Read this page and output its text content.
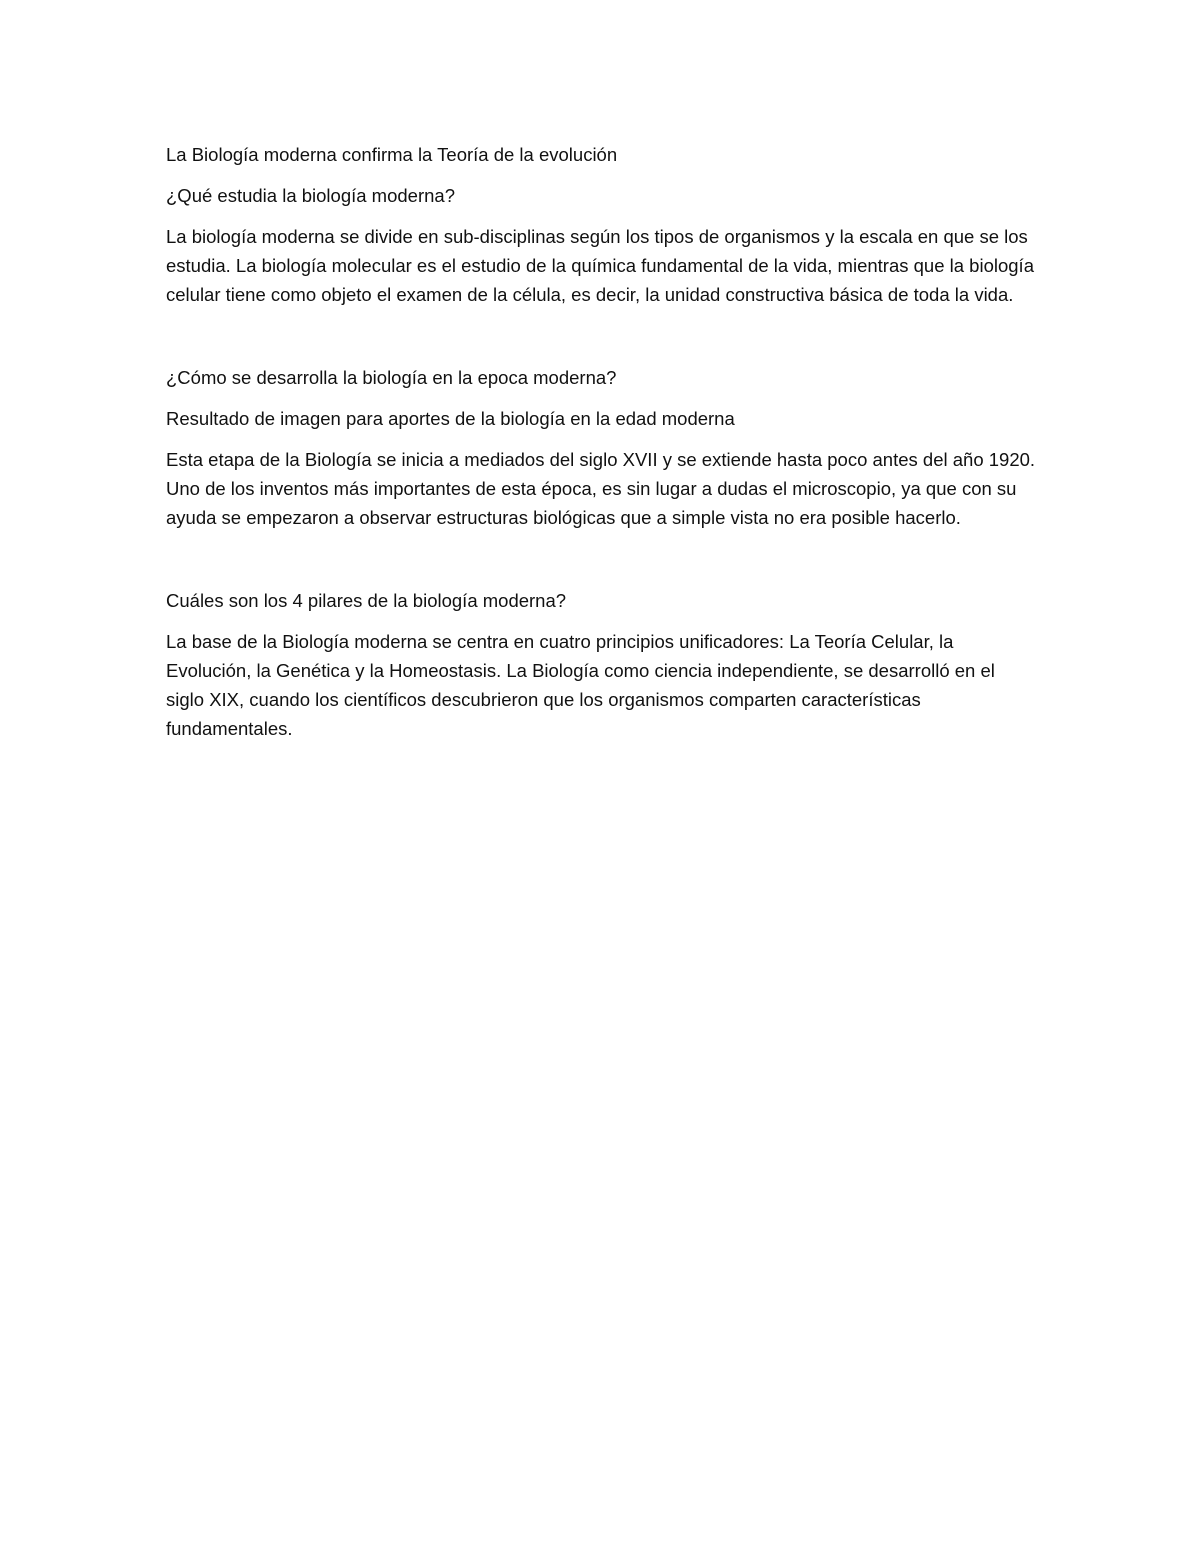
La Biología moderna confirma la Teoría de la evolución

¿Qué estudia la biología moderna?

La biología moderna se divide en sub-disciplinas según los tipos de organismos y la escala en que se los estudia. La biología molecular es el estudio de la química fundamental de la vida, mientras que la biología celular tiene como objeto el examen de la célula, es decir, la unidad constructiva básica de toda la vida.

¿Cómo se desarrolla la biología en la epoca moderna?

Resultado de imagen para aportes de la biología en la edad moderna

Esta etapa de la Biología se inicia a mediados del siglo XVII y se extiende hasta poco antes del año 1920. Uno de los inventos más importantes de esta época, es sin lugar a dudas el microscopio, ya que con su ayuda se empezaron a observar estructuras biológicas que a simple vista no era posible hacerlo.

Cuáles son los 4 pilares de la biología moderna?

La base de la Biología moderna se centra en cuatro principios unificadores: La Teoría Celular, la Evolución, la Genética y la Homeostasis. La Biología como ciencia independiente, se desarrolló en el siglo XIX, cuando los científicos descubrieron que los organismos comparten características fundamentales.
